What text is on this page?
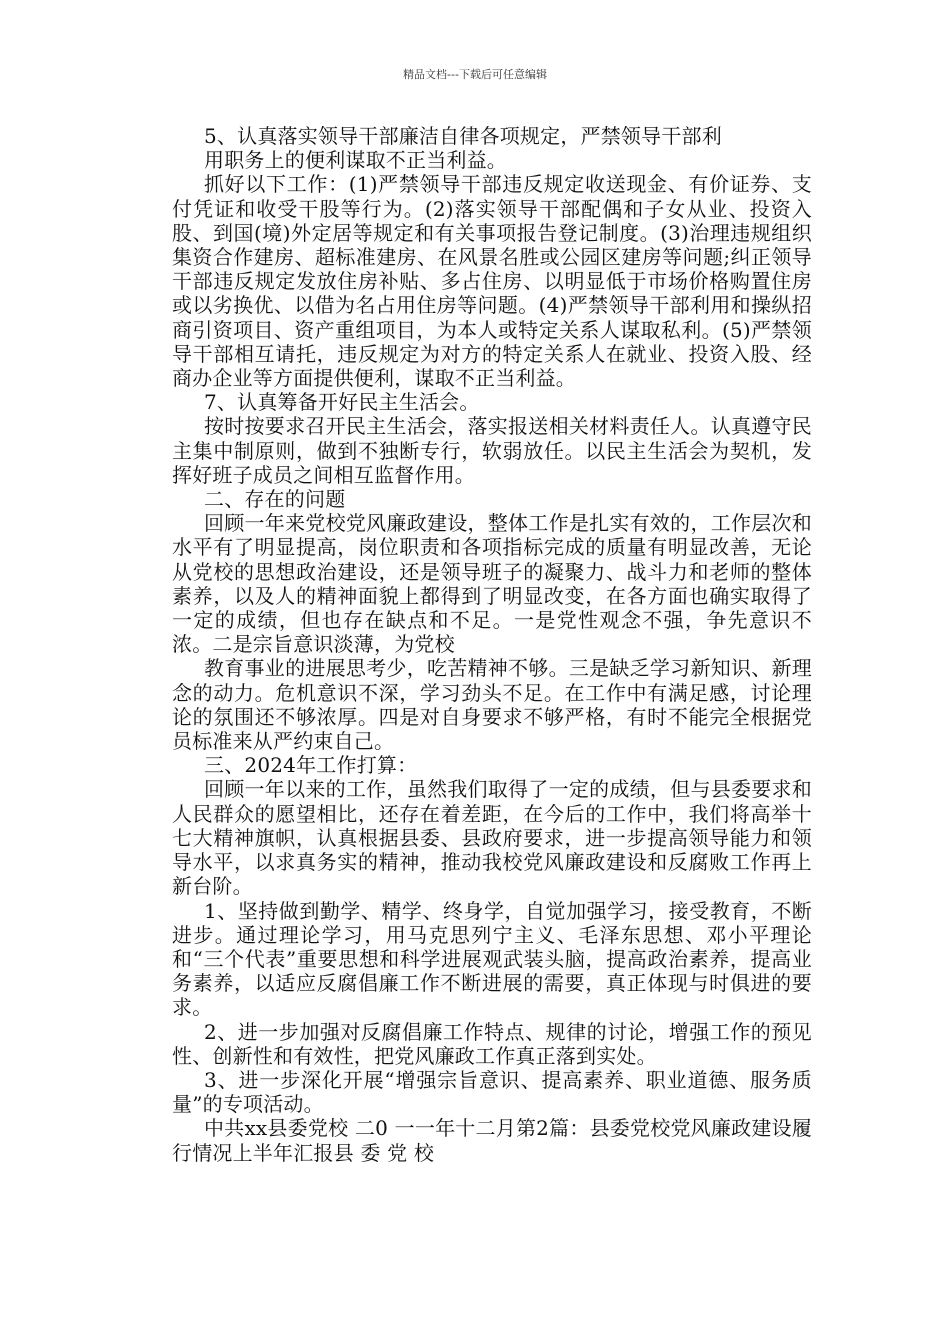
精品文档---下载后可任意编辑

5、认真落实领导干部廉洁自律各项规定，严禁领导干部利

用职务上的便利谋取不正当利益。

抓好以下工作：(1)严禁领导干部违反规定收送现金、有价证券、支付凭证和收受干股等行为。(2)落实领导干部配偶和子女从业、投资入股、到国(境)外定居等规定和有关事项报告登记制度。(3)治理违规组织集资合作建房、超标准建房、在风景名胜或公园区建房等问题;纠正领导干部违反规定发放住房补贴、多占住房、以明显低于市场价格购置住房或以劣换优、以借为名占用住房等问题。(4)严禁领导干部利用和操纵招商引资项目、资产重组项目，为本人或特定关系人谋取私利。(5)严禁领导干部相互请托，违反规定为对方的特定关系人在就业、投资入股、经商办企业等方面提供便利，谋取不正当利益。

7、认真筹备开好民主生活会。

按时按要求召开民主生活会，落实报送相关材料责任人。认真遵守民主集中制原则，做到不独断专行，软弱放任。以民主生活会为契机，发挥好班子成员之间相互监督作用。

二、存在的问题

回顾一年来党校党风廉政建设，整体工作是扎实有效的，工作层次和水平有了明显提高，岗位职责和各项指标完成的质量有明显改善，无论从党校的思想政治建设，还是领导班子的凝聚力、战斗力和老师的整体素养，以及人的精神面貌上都得到了明显改变，在各方面也确实取得了一定的成绩，但也存在缺点和不足。一是党性观念不强，争先意识不浓。二是宗旨意识淡薄，为党校

教育事业的进展思考少，吃苦精神不够。三是缺乏学习新知识、新理念的动力。危机意识不深，学习劲头不足。在工作中有满足感，讨论理论的氛围还不够浓厚。四是对自身要求不够严格，有时不能完全根据党员标准来从严约束自己。

三、2024年工作打算：

回顾一年以来的工作，虽然我们取得了一定的成绩，但与县委要求和人民群众的愿望相比，还存在着差距，在今后的工作中，我们将高举十七大精神旗帜，认真根据县委、县政府要求，进一步提高领导能力和领导水平，以求真务实的精神，推动我校党风廉政建设和反腐败工作再上新台阶。

1、坚持做到勤学、精学、终身学，自觉加强学习，接受教育，不断进步。通过理论学习，用马克思列宁主义、毛泽东思想、邓小平理论和“三个代表”重要思想和科学进展观武装头脑，提高政治素养，提高业务素养，以适应反腐倡廉工作不断进展的需要，真正体现与时俱进的要求。

2、进一步加强对反腐倡廉工作特点、规律的讨论，增强工作的预见性、创新性和有效性，把党风廉政工作真正落到实处。

3、进一步深化开展“增强宗旨意识、提高素养、职业道德、服务质量”的专项活动。

中共xx县委党校 二0 一一年十二月第2篇：县委党校党风廉政建设履行情况上半年汇报县 委 党 校
